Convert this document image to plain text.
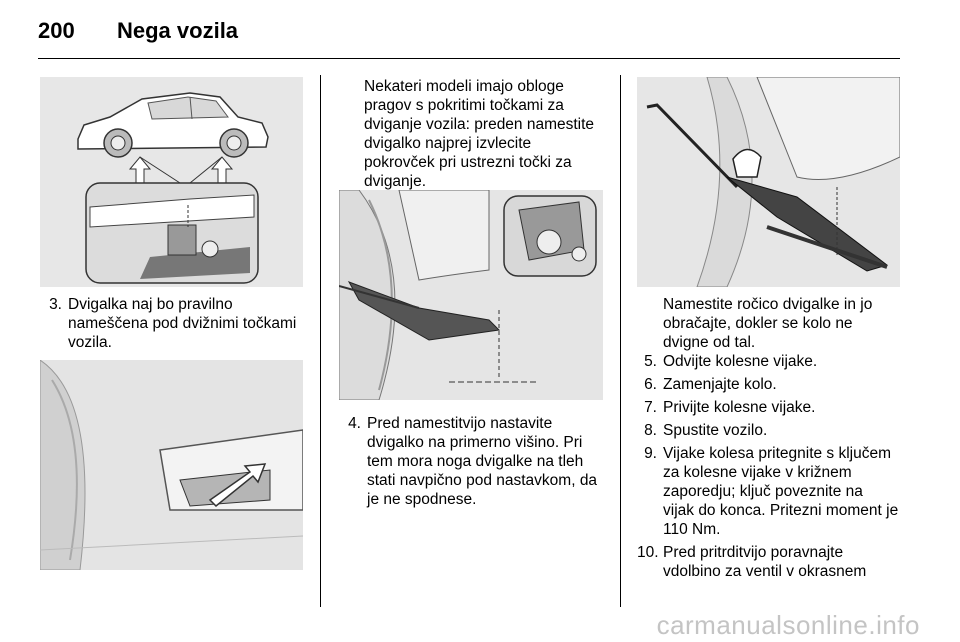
200 Nega vozila
3. Dvigalka naj bo pravilno
nameščena pod dvižnimi točkami
vozila.
Nekateri modeli imajo obloge
pragov s pokritimi točkami za
dviganje vozila: preden namestite
dvigalko najprej izvlecite
pokrovček pri ustrezni točki za
dviganje.
4. Pred namestitvijo nastavite
dvigalko na primerno višino. Pri
tem mora noga dvigalke na tleh
stati navpično pod nastavkom, da
je ne spodnese.
Namestite ročico dvigalke in jo
obračajte, dokler se kolo ne
dvigne od tal.
5. Odvijte kolesne vijake.
6. Zamenjajte kolo.
7. Privijte kolesne vijake.
8. Spustite vozilo.
9. Vijake kolesa pritegnite s ključem
za kolesne vijake v križnem
zaporedju; ključ poveznite na
vijak do konca. Pritezni moment je
110 Nm.
10. Pred pritrditvijo poravnajte
vdolbino za ventil v okrasnem
carmanualsonline.info
